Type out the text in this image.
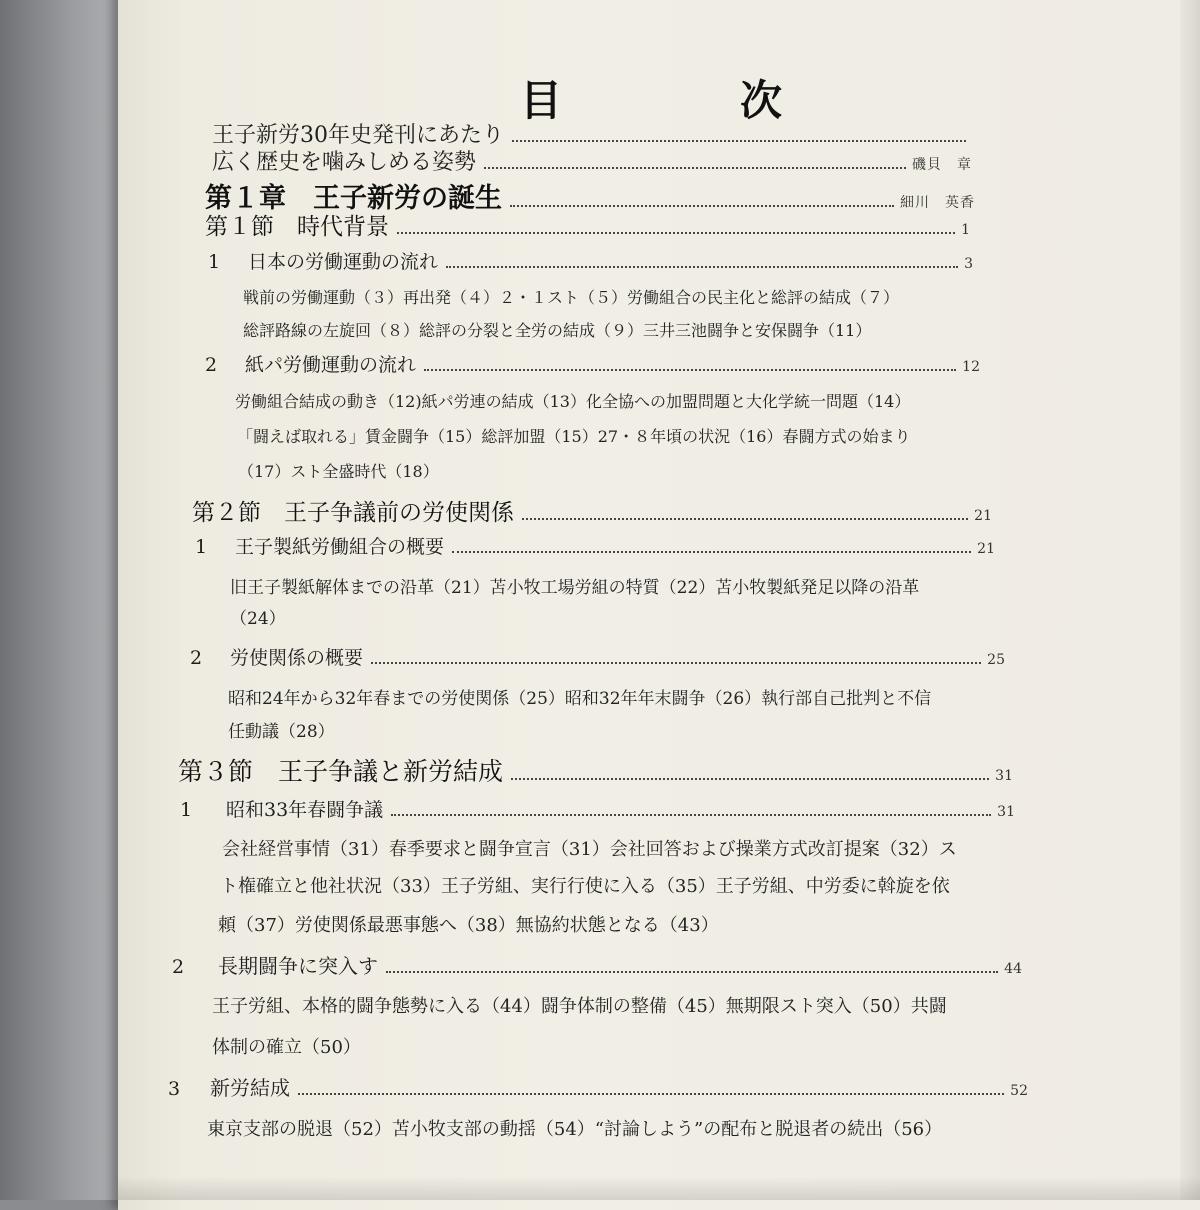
目　次
王子新労30年史発刊にあたり
広く歴史を噛みしめる姿勢	磯貝　章
第１章　王子新労の誕生	細川　英香
第１節　時代背景	1
1	日本の労働運動の流れ	3
戦前の労働運動（３）再出発（４）２・１スト（５）労働組合の民主化と総評の結成（７）
総評路線の左旋回（８）総評の分裂と全労の結成（９）三井三池闘争と安保闘争（11）
2	紙パ労働運動の流れ	12
労働組合結成の動き（12)紙パ労連の結成（13）化全協への加盟問題と大化学統一問題（14）
「闘えば取れる」賃金闘争（15）総評加盟（15）27・８年頃の状況（16）春闘方式の始まり
（17）スト全盛時代（18）
第２節　王子争議前の労使関係	21
1	王子製紙労働組合の概要	21
旧王子製紙解体までの沿革（21）苫小牧工場労組の特質（22）苫小牧製紙発足以降の沿革
（24）
2	労使関係の概要	25
昭和24年から32年春までの労使関係（25）昭和32年年末闘争（26）執行部自己批判と不信
任動議（28）
第３節　王子争議と新労結成	31
1	昭和33年春闘争議	31
会社経営事情（31）春季要求と闘争宣言（31）会社回答および操業方式改訂提案（32）ス
ト権確立と他社状況（33）王子労組、実行行使に入る（35）王子労組、中労委に斡旋を依
頼（37）労使関係最悪事態へ（38）無協約状態となる（43）
2	長期闘争に突入す	44
王子労組、本格的闘争態勢に入る（44）闘争体制の整備（45）無期限スト突入（50）共闘
体制の確立（50）
3	新労結成	52
東京支部の脱退（52）苫小牧支部の動揺（54）“討論しよう”の配布と脱退者の続出（56）
